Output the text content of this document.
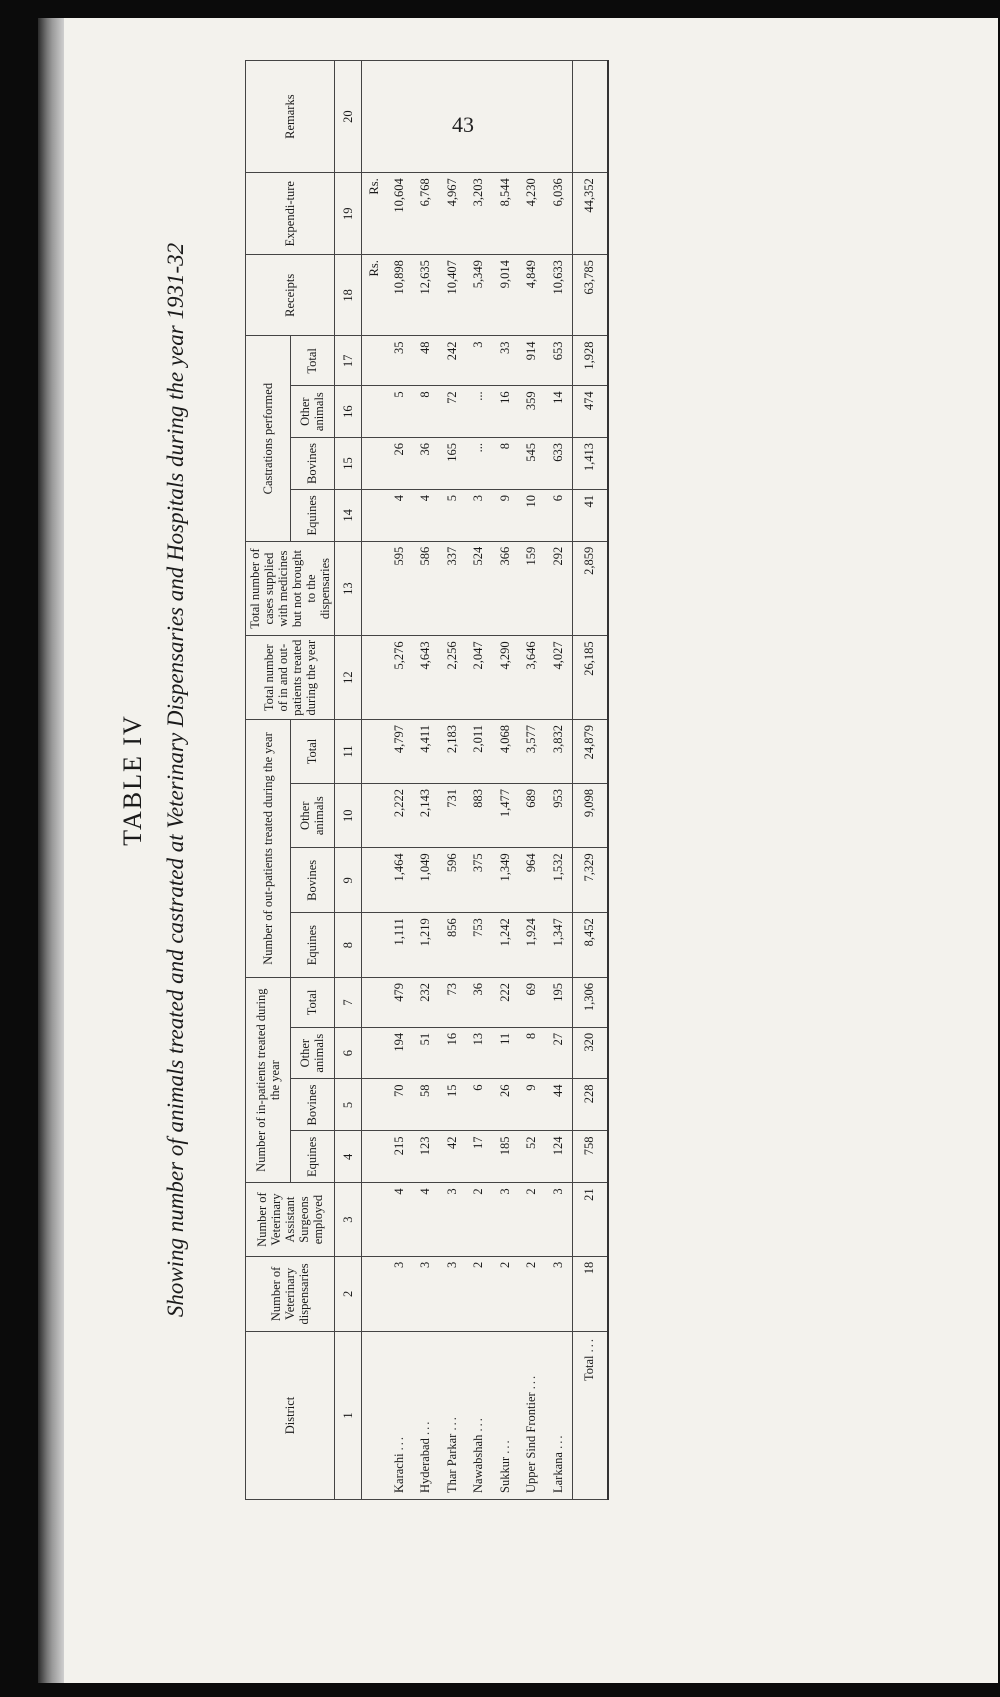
43
TABLE IV Showing number of animals treated and castrated at Veterinary Dispensaries and Hospitals during the year 1931-32
District	Number of Veterinary dispensaries	Number of Veterinary Assistant Surgeons employed	Number of in-patients treated during the year				Number of out-patients treated during the year				Total number of in and out-patients treated during the year	Total number of cases supplied with medicines but not brought to the dispensaries	Castrations performed				Receipts	Expendi-ture	Remarks
			Equines	Bovines	Other animals	Total	Equines	Bovines	Other animals	Total			Equines	Bovines	Other animals	Total			
1	2	3	4	5	6	7	8	9	10	11	12	13	14	15	16	17	18	19	20
																	Rs.	Rs.	
Karachi ...	3	4	215	70	194	479	1,111	1,464	2,222	4,797	5,276	595	4	26	5	35	10,898	10,604	
Hyderabad ...	3	4	123	58	51	232	1,219	1,049	2,143	4,411	4,643	586	4	36	8	48	12,635	6,768	
Thar Parkar ...	3	3	42	15	16	73	856	596	731	2,183	2,256	337	5	165	72	242	10,407	4,967	
Nawabshah ...	2	2	17	6	13	36	753	375	883	2,011	2,047	524	3	...	...	3	5,349	3,203	
Sukkur ...	2	3	185	26	11	222	1,242	1,349	1,477	4,068	4,290	366	9	8	16	33	9,014	8,544	
Upper Sind Frontier ...	2	2	52	9	8	69	1,924	964	689	3,577	3,646	159	10	545	359	914	4,849	4,230	
Larkana ...	3	3	124	44	27	195	1,347	1,532	953	3,832	4,027	292	6	633	14	653	10,633	6,036	
Total ...	18	21	758	228	320	1,306	8,452	7,329	9,098	24,879	26,185	2,859	41	1,413	474	1,928	63,785	44,352	
